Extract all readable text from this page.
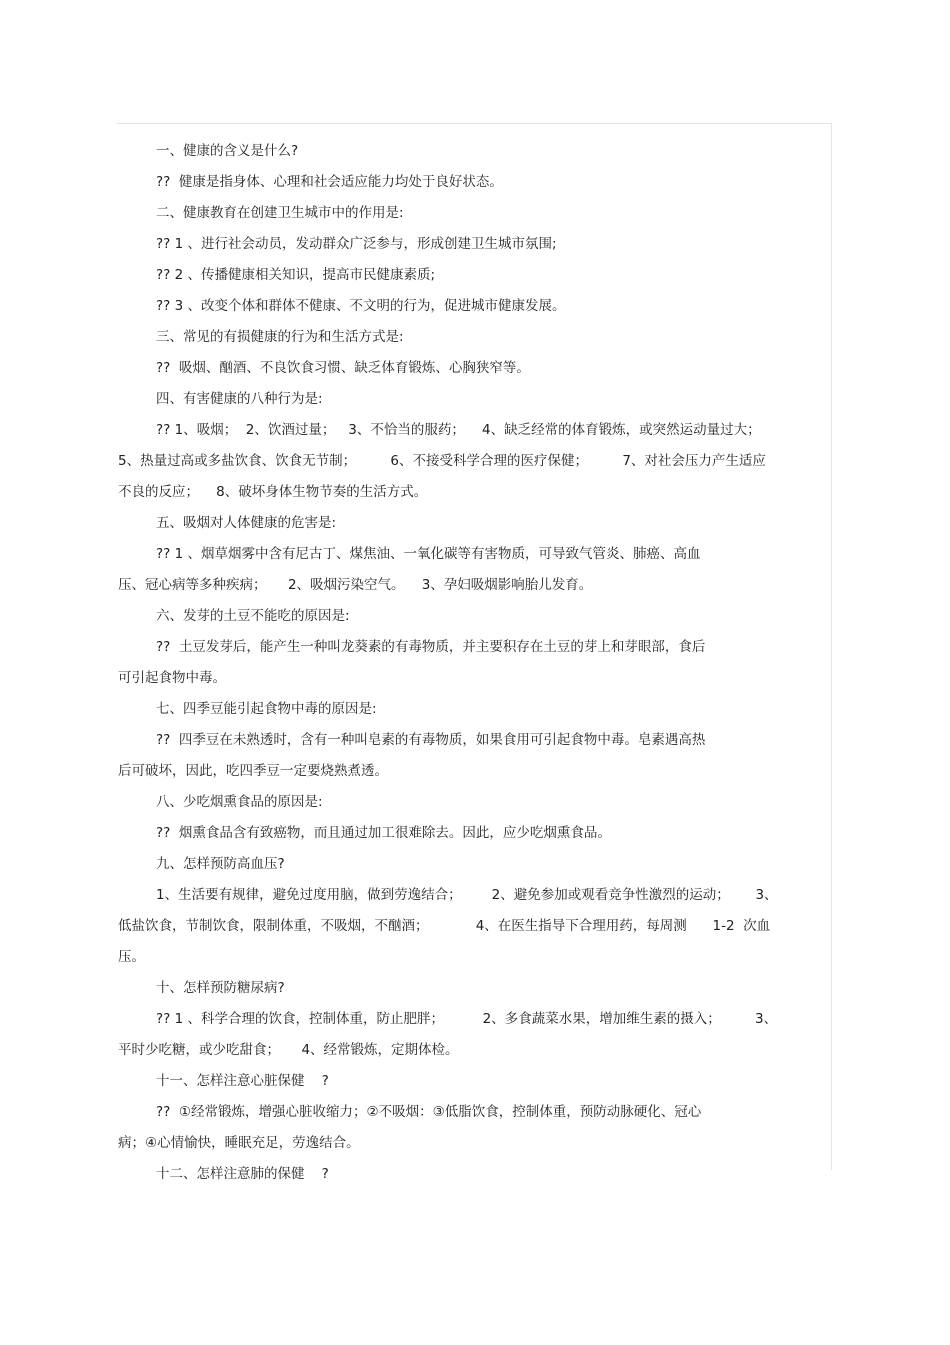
一、健康的含义是什么?
??  健康是指身体、心理和社会适应能力均处于良好状态。
二、健康教育在创建卫生城市中的作用是:
?? 1 、进行社会动员，发动群众广泛参与，形成创建卫生城市氛围;
?? 2 、传播健康相关知识，提高市民健康素质;
?? 3 、改变个体和群体不健康、不文明的行为，促进城市健康发展。
三、常见的有损健康的行为和生活方式是:
??  吸烟、酗酒、不良饮食习惯、缺乏体育锻炼、心胸狭窄等。
四、有害健康的八种行为是:
?? 1、吸烟；  2、饮酒过量；   3、不恰当的服药；    4、缺乏经常的体育锻炼，或突然运动量过大；
5、热量过高或多盐饮食、饮食无节制；        6、不接受科学合理的医疗保健；        7、对社会压力产生适应
不良的反应；    8、破坏身体生物节奏的生活方式。
五、吸烟对人体健康的危害是:
?? 1 、烟草烟雾中含有尼古丁、煤焦油、一氧化碳等有害物质，可导致气管炎、肺癌、高血
压、冠心病等多种疾病；     2、吸烟污染空气。    3、孕妇吸烟影响胎儿发育。
六、发芽的土豆不能吃的原因是:
??  土豆发芽后，能产生一种叫龙葵素的有毒物质，并主要积存在土豆的芽上和芽眼部，食后
可引起食物中毒。
七、四季豆能引起食物中毒的原因是:
??  四季豆在未熟透时，含有一种叫皂素的有毒物质，如果食用可引起食物中毒。皂素遇高热
后可破坏，因此，吃四季豆一定要烧熟煮透。
八、少吃烟熏食品的原因是:
??  烟熏食品含有致癌物，而且通过加工很难除去。因此，应少吃烟熏食品。
九、怎样预防高血压?
1、生活要有规律，避免过度用脑，做到劳逸结合；       2、避免参加或观看竞争性激烈的运动；      3、
低盐饮食，节制饮食，限制体重，不吸烟，不酗酒；           4、在医生指导下合理用药，每周测      1-2  次血
压。
十、怎样预防糖尿病?
?? 1 、科学合理的饮食，控制体重，防止肥胖；         2、多食蔬菜水果，增加维生素的摄入；        3、
平时少吃糖，或少吃甜食；     4、经常锻炼，定期体检。
十一、怎样注意心脏保健    ?
??  ①经常锻炼，增强心脏收缩力；②不吸烟：③低脂饮食，控制体重，预防动脉硬化、冠心
病；④心情愉快，睡眠充足，劳逸结合。
十二、怎样注意肺的保健    ?
